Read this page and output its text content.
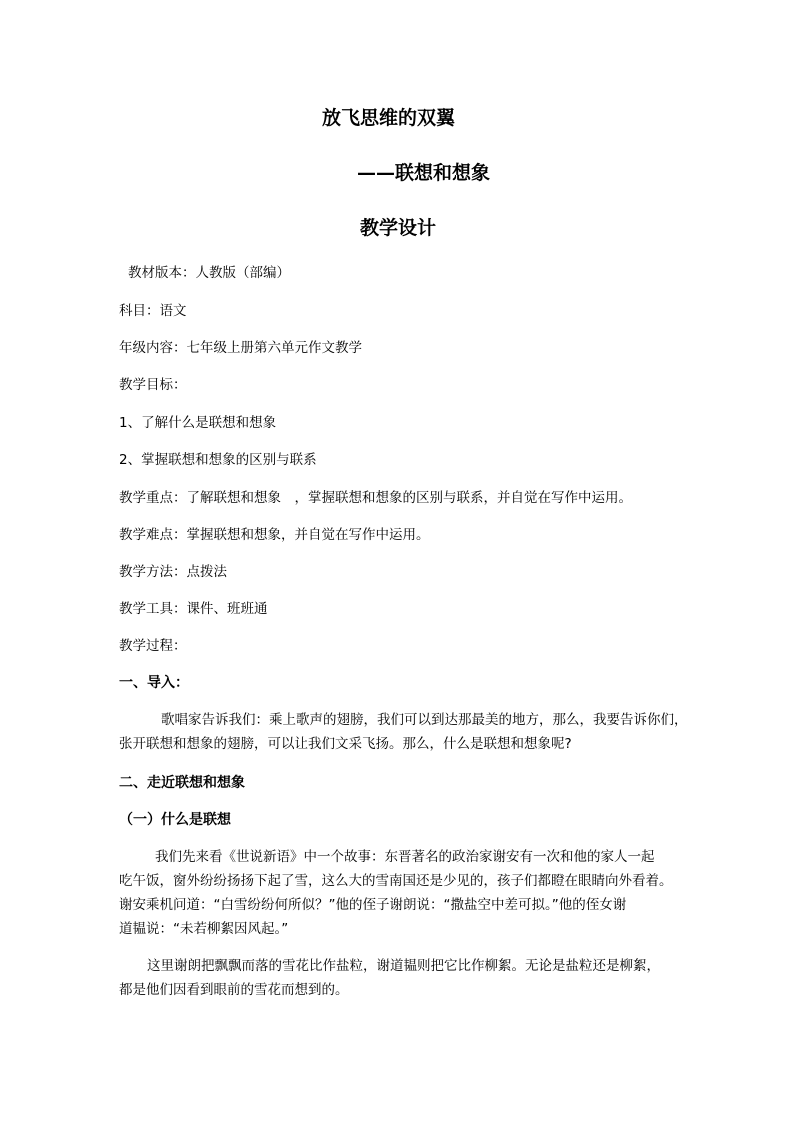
放飞思维的双翼
——联想和想象
教学设计
教材版本：人教版（部编）
科目：语文
年级内容：七年级上册第六单元作文教学
教学目标：
1、了解什么是联想和想象
2、掌握联想和想象的区别与联系
教学重点：了解联想和想象　，掌握联想和想象的区别与联系，并自觉在写作中运用。
教学难点：掌握联想和想象，并自觉在写作中运用。
教学方法：点拨法
教学工具：课件、班班通
教学过程：
一、导入：
歌唱家告诉我们：乘上歌声的翅膀，我们可以到达那最美的地方，那么，我要告诉你们，
张开联想和想象的翅膀，可以让我们文采飞扬。那么，什么是联想和想象呢?
二、走近联想和想象
（一）什么是联想
我们先来看《世说新语》中一个故事：东晋著名的政治家谢安有一次和他的家人一起
吃午饭，窗外纷纷扬扬下起了雪，这么大的雪南国还是少见的，孩子们都瞪在眼睛向外看着。
谢安乘机问道：“白雪纷纷何所似？”他的侄子谢朗说：“撒盐空中差可拟。”他的侄女谢
道韫说：“未若柳絮因风起。”
这里谢朗把飘飘而落的雪花比作盐粒，谢道韫则把它比作柳絮。无论是盐粒还是柳絮，
都是他们因看到眼前的雪花而想到的。
